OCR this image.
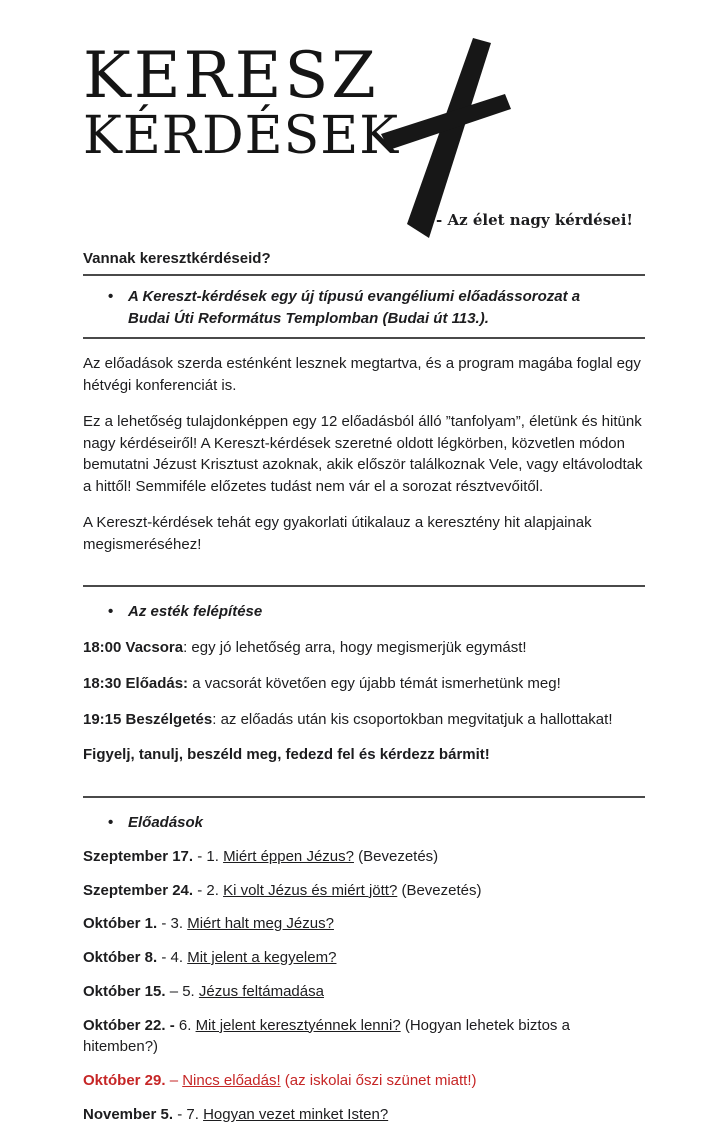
KERESZ
KÉRDÉSEK
- Az élet nagy kérdései!

Vannak keresztkérdéseid?

• A Kereszt-kérdések egy új típusú evangéliumi előadássorozat a Budai Úti Református Templomban (Budai út 113.).

Az előadások szerda esténként lesznek megtartva, és a program magába foglal egy hétvégi konferenciát is.

Ez a lehetőség tulajdonképpen egy 12 előadásból álló ”tanfolyam”, életünk és hitünk nagy kérdéseiről! A Kereszt-kérdések szeretné oldott légkörben, közvetlen módon bemutatni Jézust Krisztust azoknak, akik először találkoznak Vele, vagy eltávolodtak a hittől! Semmiféle előzetes tudást nem vár el a sorozat résztvevőitől.

A Kereszt-kérdések tehát egy gyakorlati útikalauz a keresztény hit alapjainak megismeréséhez!

• Az esték felépítése

18:00 Vacsora: egy jó lehetőség arra, hogy megismerjük egymást!

18:30 Előadás: a vacsorát követően egy újabb témát ismerhetünk meg!

19:15 Beszélgetés: az előadás után kis csoportokban megvitatjuk a hallottakat!

Figyelj, tanulj, beszéld meg, fedezd fel és kérdezz bármit!

• Előadások

Szeptember 17. - 1. Miért éppen Jézus? (Bevezetés)

Szeptember 24. - 2. Ki volt Jézus és miért jött? (Bevezetés)

Október 1. - 3. Miért halt meg Jézus?

Október 8. - 4. Mit jelent a kegyelem?

Október 15. – 5. Jézus feltámadása

Október 22. - 6. Mit jelent keresztyénnek lenni? (Hogyan lehetek biztos a hitemben?)

Október 29. – Nincs előadás! (az iskolai őszi szünet miatt!)

November 5. - 7. Hogyan vezet minket Isten?
